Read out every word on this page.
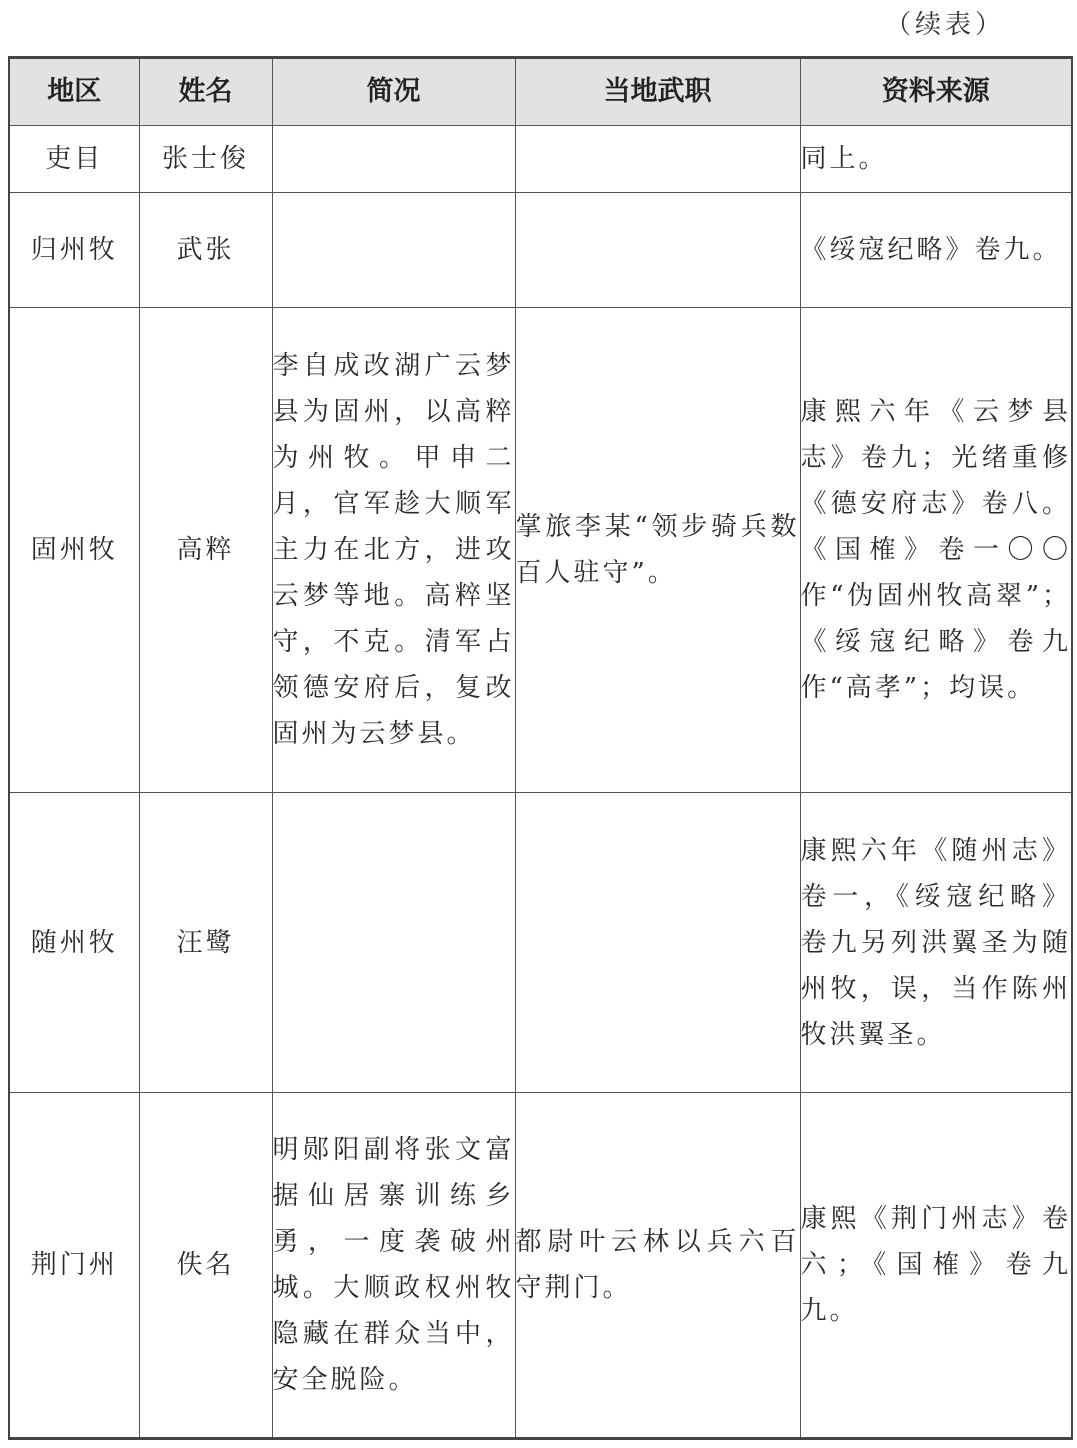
（续表）
地区	姓名	简况	当地武职	资料来源
吏目	张士俊			同上。
归州牧	武张			《绥寇纪略》卷九。
固州牧	高粹	李自成改湖广云梦县为固州，以高粹为州牧。甲申二月，官军趁大顺军主力在北方，进攻云梦等地。高粹坚守，不克。清军占领德安府后，复改固州为云梦县。	掌旅李某“领步骑兵数百人驻守”。	康熙六年《云梦县志》卷九；光绪重修《德安府志》卷八。《国榷》卷一〇〇作“伪固州牧高翠”；《绥寇纪略》卷九作“高孝”；均误。
随州牧	汪鹭			康熙六年《随州志》卷一，《绥寇纪略》卷九另列洪翼圣为随州牧，误，当作陈州牧洪翼圣。
荆门州	佚名	明郧阳副将张文富据仙居寨训练乡勇，一度袭破州城。大顺政权州牧隐藏在群众当中，安全脱险。	都尉叶云林以兵六百守荆门。	康熙《荆门州志》卷六；《国榷》卷九九。
